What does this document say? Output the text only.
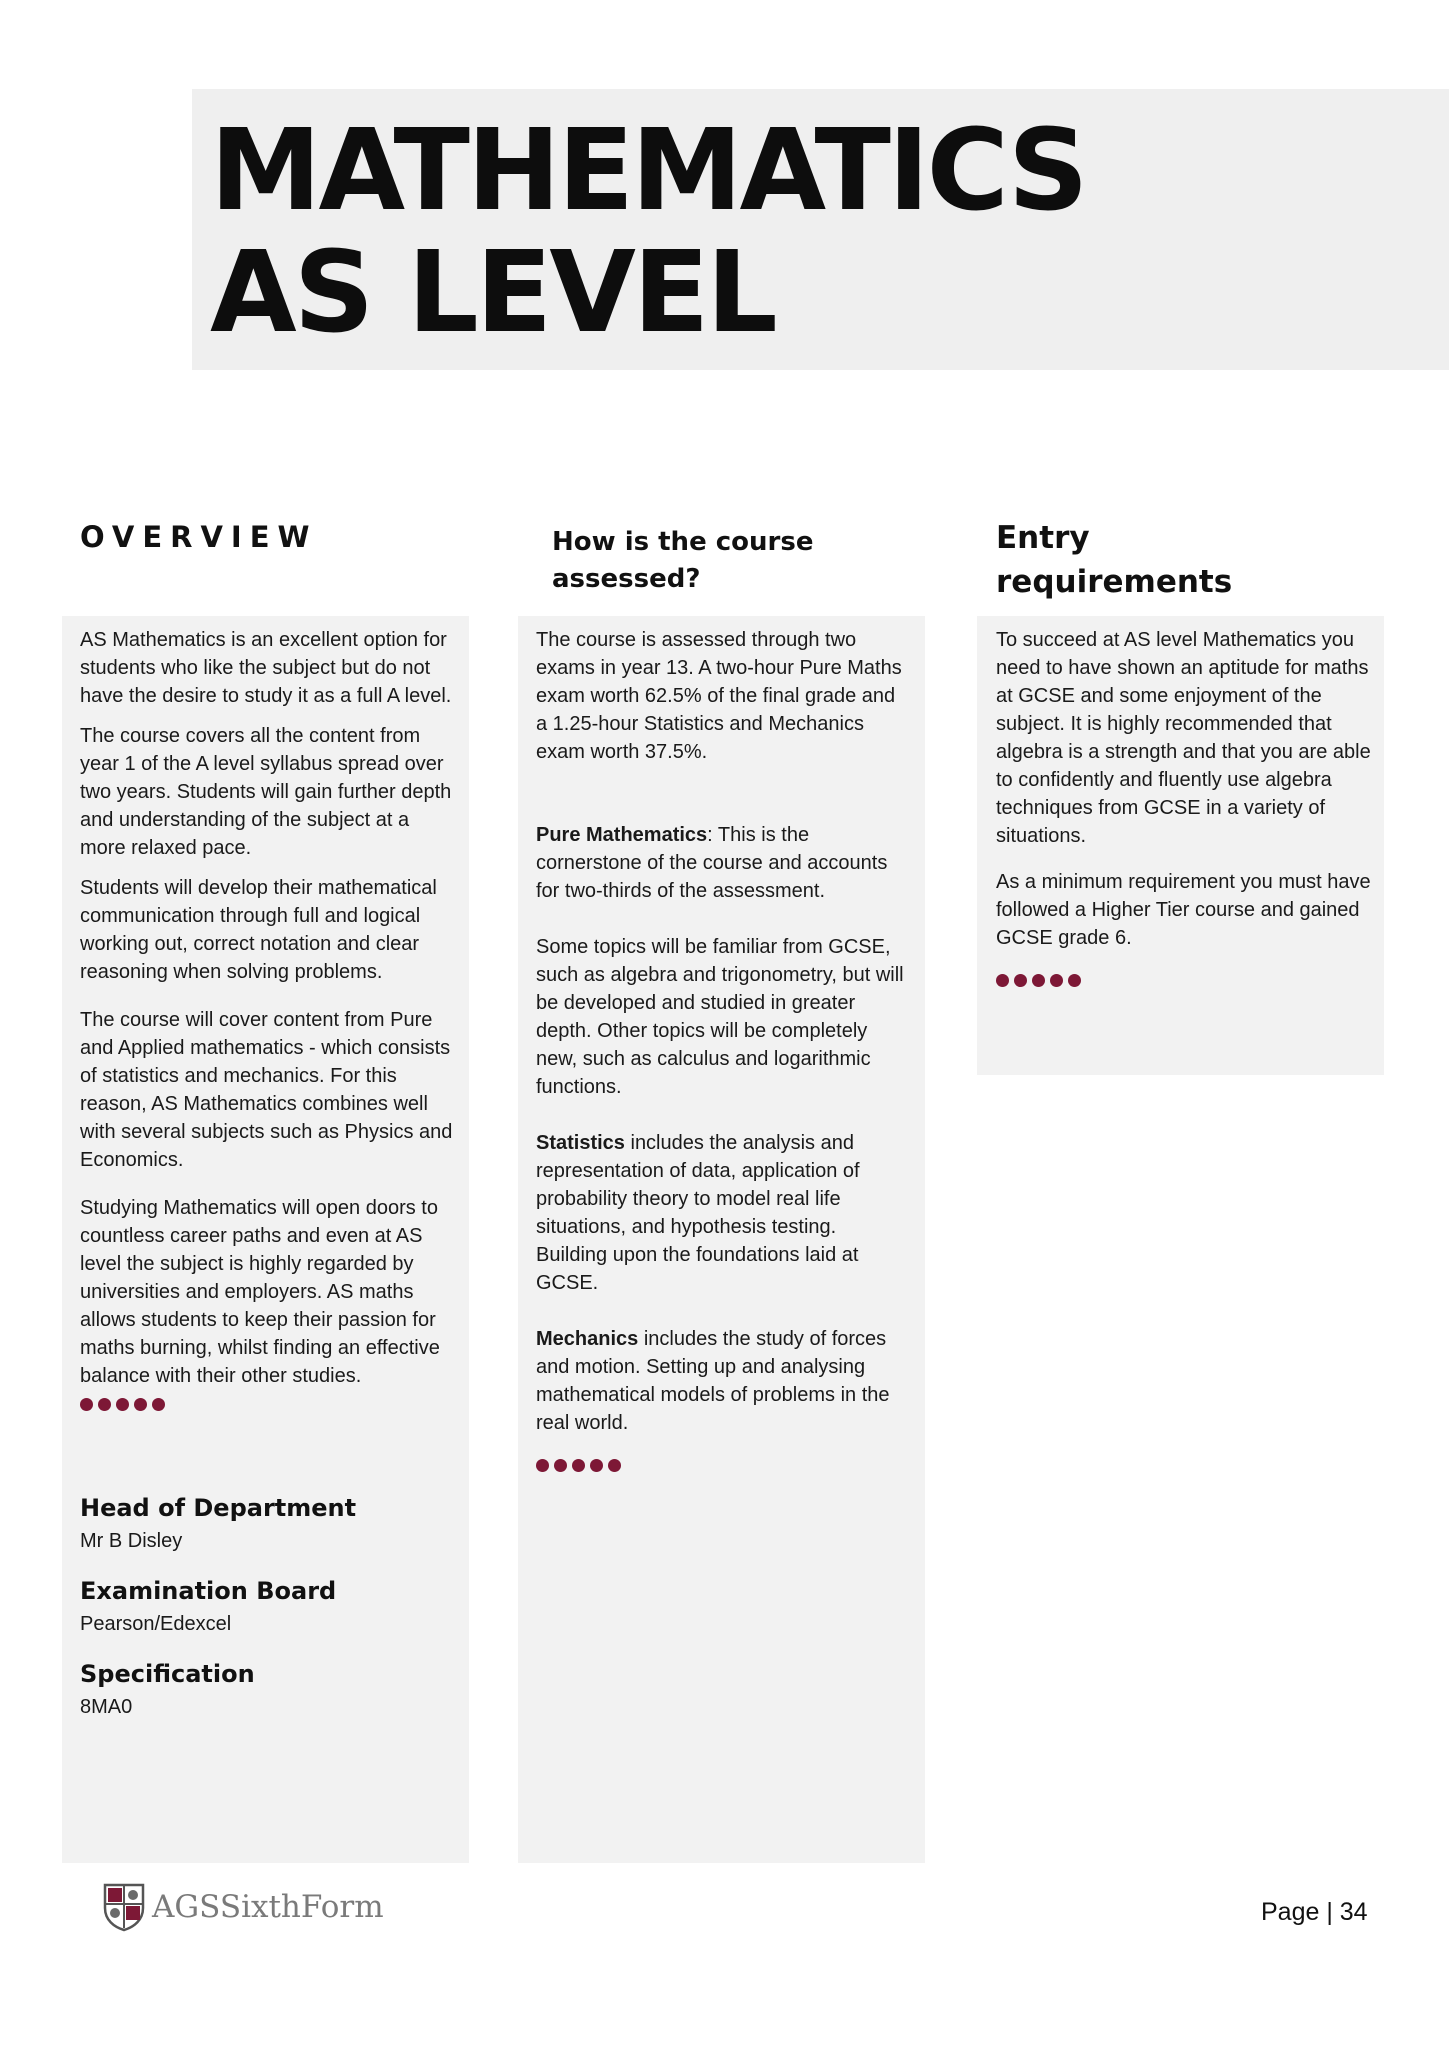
MATHEMATICS
AS LEVEL
OVERVIEW	How is the course assessed?
Entry requirements

AS Mathematics is an excellent option for students who like the subject but do not have the desire to study it as a full A level.

The course covers all the content from year 1 of the A level syllabus spread over two years. Students will gain further depth and understanding of the subject at a more relaxed pace.

Students will develop their mathematical communication through full and logical working out, correct notation and clear reasoning when solving problems.

The course will cover content from Pure and Applied mathematics - which consists of statistics and mechanics. For this reason, AS Mathematics combines well with several subjects such as Physics and Economics.

Studying Mathematics will open doors to countless career paths and even at AS level the subject is highly regarded by universities and employers. AS maths allows students to keep their passion for maths burning, whilst finding an effective balance with their other studies.

Head of Department

Mr B Disley

Examination Board

Pearson/Edexcel

Specification

8MA0

The course is assessed through two exams in year 13. A two-hour Pure Maths exam worth 62.5% of the final grade and a 1.25-hour Statistics and Mechanics exam worth 37.5%.

Pure Mathematics: This is the cornerstone of the course and accounts for two-thirds of the assessment.

Some topics will be familiar from GCSE, such as algebra and trigonometry, but will be developed and studied in greater depth. Other topics will be completely new, such as calculus and logarithmic functions.

Statistics includes the analysis and representation of data, application of probability theory to model real life situations, and hypothesis testing. Building upon the foundations laid at GCSE.

Mechanics includes the study of forces and motion. Setting up and analysing mathematical models of problems in the real world.

To succeed at AS level Mathematics you need to have shown an aptitude for maths at GCSE and some enjoyment of the subject. It is highly recommended that algebra is a strength and that you are able to confidently and fluently use algebra techniques from GCSE in a variety of situations.

As a minimum requirement you must have followed a Higher Tier course and gained GCSE grade 6.

AGSSixthForm	Page | 34
